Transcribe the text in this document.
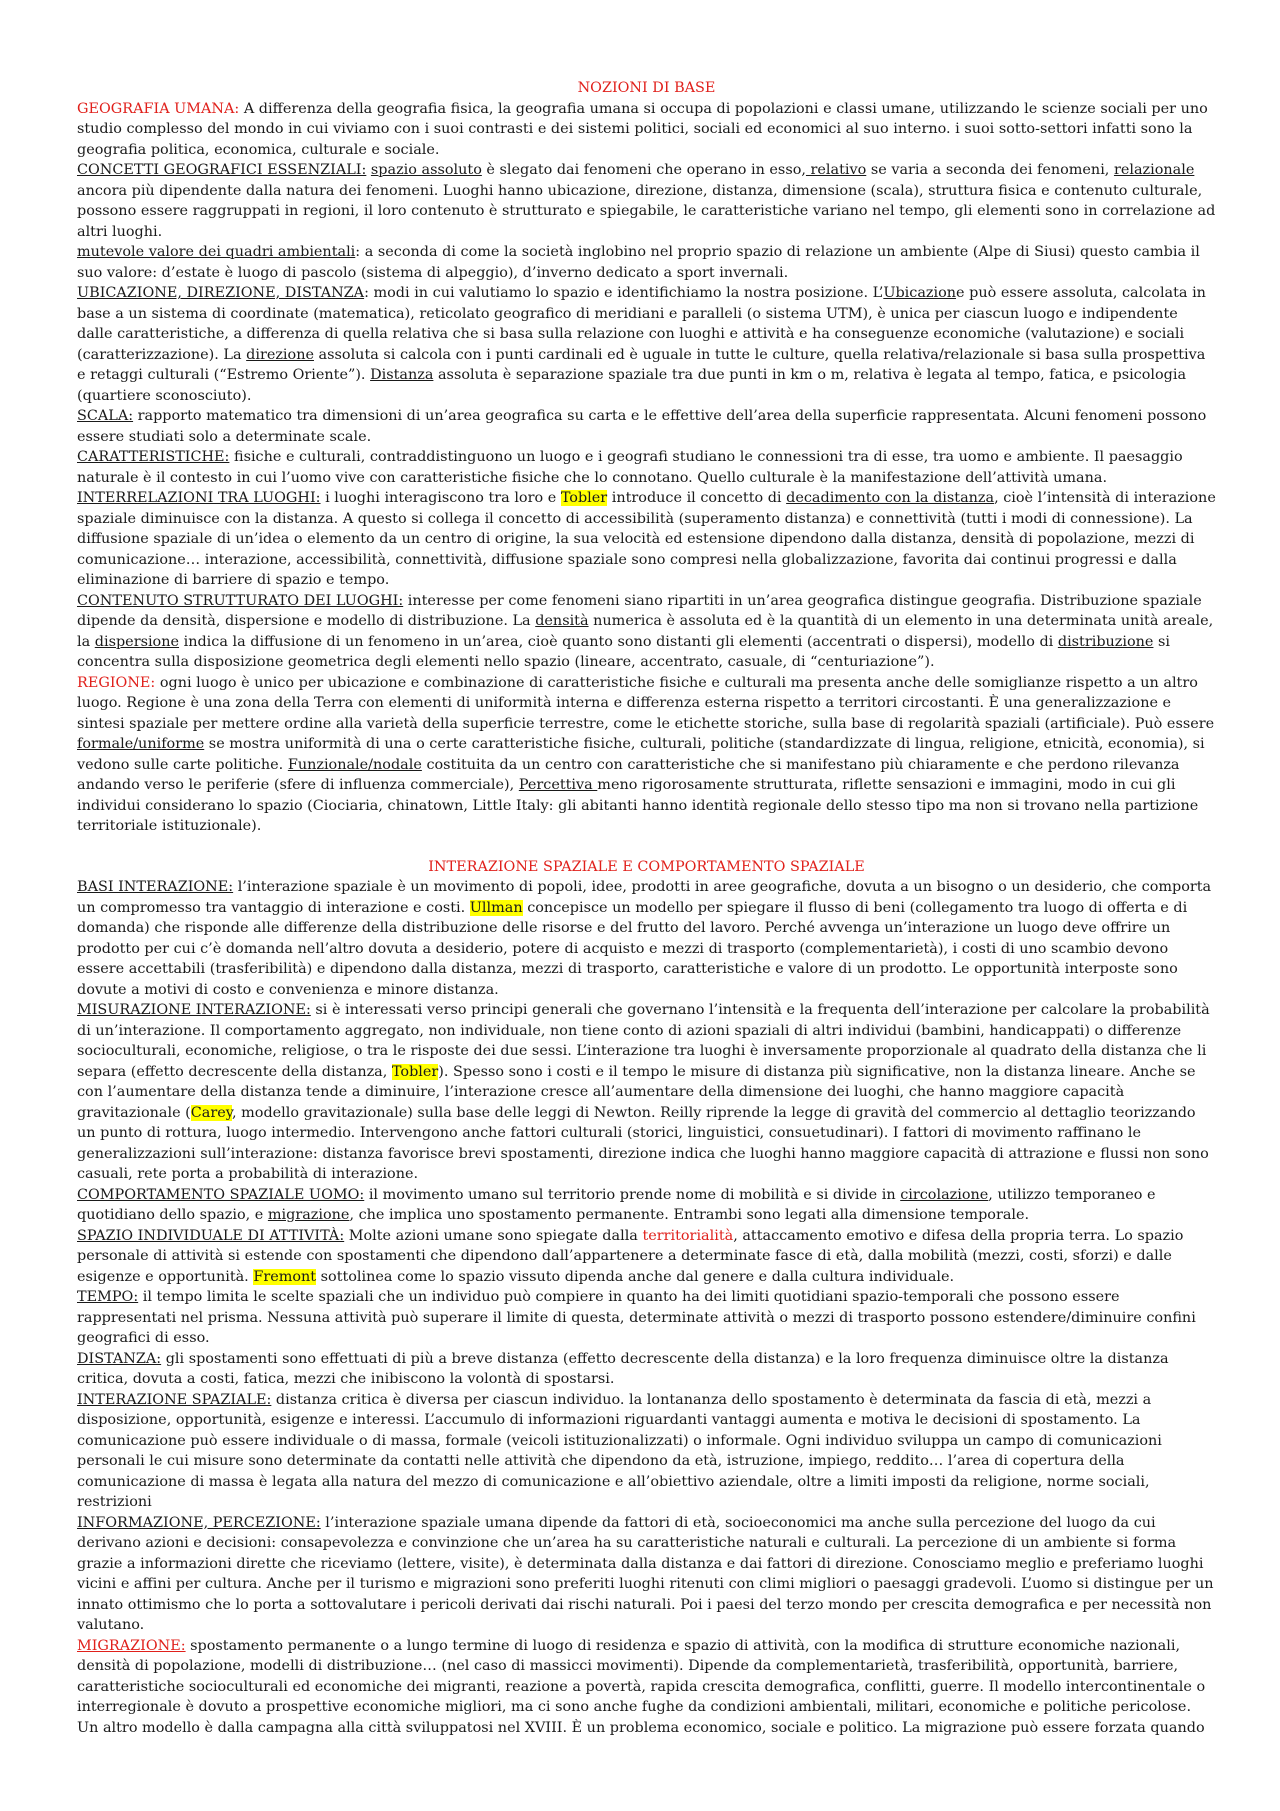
NOZIONI DI BASE

GEOGRAFIA UMANA: A differenza della geografia fisica, la geografia umana si occupa di popolazioni e classi umane, utilizzando le scienze sociali per uno studio complesso del mondo in cui viviamo con i suoi contrasti e dei sistemi politici, sociali ed economici al suo interno. i suoi sotto-settori infatti sono la geografia politica, economica, culturale e sociale.

CONCETTI GEOGRAFICI ESSENZIALI: spazio assoluto è slegato dai fenomeni che operano in esso, relativo se varia a seconda dei fenomeni, relazionale ancora più dipendente dalla natura dei fenomeni. Luoghi hanno ubicazione, direzione, distanza, dimensione (scala), struttura fisica e contenuto culturale, possono essere raggruppati in regioni, il loro contenuto è strutturato e spiegabile, le caratteristiche variano nel tempo, gli elementi sono in correlazione ad altri luoghi.

mutevole valore dei quadri ambientali: a seconda di come la società inglobino nel proprio spazio di relazione un ambiente (Alpe di Siusi) questo cambia il suo valore: d’estate è luogo di pascolo (sistema di alpeggio), d’inverno dedicato a sport invernali.

UBICAZIONE, DIREZIONE, DISTANZA: modi in cui valutiamo lo spazio e identifichiamo la nostra posizione. L’Ubicazione può essere assoluta, calcolata in base a un sistema di coordinate (matematica), reticolato geografico di meridiani e paralleli (o sistema UTM), è unica per ciascun luogo e indipendente dalle caratteristiche, a differenza di quella relativa che si basa sulla relazione con luoghi e attività e ha conseguenze economiche (valutazione) e sociali (caratterizzazione). La direzione assoluta si calcola con i punti cardinali ed è uguale in tutte le culture, quella relativa/relazionale si basa sulla prospettiva e retaggi culturali (“Estremo Oriente”). Distanza assoluta è separazione spaziale tra due punti in km o m, relativa è legata al tempo, fatica, e psicologia (quartiere sconosciuto).

SCALA: rapporto matematico tra dimensioni di un’area geografica su carta e le effettive dell’area della superficie rappresentata. Alcuni fenomeni possono essere studiati solo a determinate scale.

CARATTERISTICHE: fisiche e culturali, contraddistinguono un luogo e i geografi studiano le connessioni tra di esse, tra uomo e ambiente. Il paesaggio naturale è il contesto in cui l’uomo vive con caratteristiche fisiche che lo connotano. Quello culturale è la manifestazione dell’attività umana.

INTERRELAZIONI TRA LUOGHI: i luoghi interagiscono tra loro e Tobler introduce il concetto di decadimento con la distanza, cioè l’intensità di interazione spaziale diminuisce con la distanza. A questo si collega il concetto di accessibilità (superamento distanza) e connettività (tutti i modi di connessione). La diffusione spaziale di un’idea o elemento da un centro di origine, la sua velocità ed estensione dipendono dalla distanza, densità di popolazione, mezzi di comunicazione… interazione, accessibilità, connettività, diffusione spaziale sono compresi nella globalizzazione, favorita dai continui progressi e dalla eliminazione di barriere di spazio e tempo.

CONTENUTO STRUTTURATO DEI LUOGHI: interesse per come fenomeni siano ripartiti in un’area geografica distingue geografia. Distribuzione spaziale dipende da densità, dispersione e modello di distribuzione. La densità numerica è assoluta ed è la quantità di un elemento in una determinata unità areale, la dispersione indica la diffusione di un fenomeno in un’area, cioè quanto sono distanti gli elementi (accentrati o dispersi), modello di distribuzione si concentra sulla disposizione geometrica degli elementi nello spazio (lineare, accentrato, casuale, di “centuriazione”).

REGIONE: ogni luogo è unico per ubicazione e combinazione di caratteristiche fisiche e culturali ma presenta anche delle somiglianze rispetto a un altro luogo. Regione è una zona della Terra con elementi di uniformità interna e differenza esterna rispetto a territori circostanti. È una generalizzazione e sintesi spaziale per mettere ordine alla varietà della superficie terrestre, come le etichette storiche, sulla base di regolarità spaziali (artificiale). Può essere formale/uniforme se mostra uniformità di una o certe caratteristiche fisiche, culturali, politiche (standardizzate di lingua, religione, etnicità, economia), si vedono sulle carte politiche. Funzionale/nodale costituita da un centro con caratteristiche che si manifestano più chiaramente e che perdono rilevanza andando verso le periferie (sfere di influenza commerciale), Percettiva meno rigorosamente strutturata, riflette sensazioni e immagini, modo in cui gli individui considerano lo spazio (Ciociaria, chinatown, Little Italy: gli abitanti hanno identità regionale dello stesso tipo ma non si trovano nella partizione territoriale istituzionale).

INTERAZIONE SPAZIALE E COMPORTAMENTO SPAZIALE

BASI INTERAZIONE: l’interazione spaziale è un movimento di popoli, idee, prodotti in aree geografiche, dovuta a un bisogno o un desiderio, che comporta un compromesso tra vantaggio di interazione e costi. Ullman concepisce un modello per spiegare il flusso di beni (collegamento tra luogo di offerta e di domanda) che risponde alle differenze della distribuzione delle risorse e del frutto del lavoro. Perché avvenga un’interazione un luogo deve offrire un prodotto per cui c’è domanda nell’altro dovuta a desiderio, potere di acquisto e mezzi di trasporto (complementarietà), i costi di uno scambio devono essere accettabili (trasferibilità) e dipendono dalla distanza, mezzi di trasporto, caratteristiche e valore di un prodotto. Le opportunità interposte sono dovute a motivi di costo e convenienza e minore distanza.

MISURAZIONE INTERAZIONE: si è interessati verso principi generali che governano l’intensità e la frequenta dell’interazione per calcolare la probabilità di un’interazione. Il comportamento aggregato, non individuale, non tiene conto di azioni spaziali di altri individui (bambini, handicappati) o differenze socioculturali, economiche, religiose, o tra le risposte dei due sessi. L’interazione tra luoghi è inversamente proporzionale al quadrato della distanza che li separa (effetto decrescente della distanza, Tobler). Spesso sono i costi e il tempo le misure di distanza più significative, non la distanza lineare. Anche se con l’aumentare della distanza tende a diminuire, l’interazione cresce all’aumentare della dimensione dei luoghi, che hanno maggiore capacità gravitazionale (Carey, modello gravitazionale) sulla base delle leggi di Newton. Reilly riprende la legge di gravità del commercio al dettaglio teorizzando un punto di rottura, luogo intermedio. Intervengono anche fattori culturali (storici, linguistici, consuetudinari). I fattori di movimento raffinano le generalizzazioni sull’interazione: distanza favorisce brevi spostamenti, direzione indica che luoghi hanno maggiore capacità di attrazione e flussi non sono casuali, rete porta a probabilità di interazione.

COMPORTAMENTO SPAZIALE UOMO: il movimento umano sul territorio prende nome di mobilità e si divide in circolazione, utilizzo temporaneo e quotidiano dello spazio, e migrazione, che implica uno spostamento permanente. Entrambi sono legati alla dimensione temporale.

SPAZIO INDIVIDUALE DI ATTIVITÀ: Molte azioni umane sono spiegate dalla territorialità, attaccamento emotivo e difesa della propria terra. Lo spazio personale di attività si estende con spostamenti che dipendono dall’appartenere a determinate fasce di età, dalla mobilità (mezzi, costi, sforzi) e dalle esigenze e opportunità. Fremont sottolinea come lo spazio vissuto dipenda anche dal genere e dalla cultura individuale.

TEMPO: il tempo limita le scelte spaziali che un individuo può compiere in quanto ha dei limiti quotidiani spazio-temporali che possono essere rappresentati nel prisma. Nessuna attività può superare il limite di questa, determinate attività o mezzi di trasporto possono estendere/diminuire confini geografici di esso.

DISTANZA: gli spostamenti sono effettuati di più a breve distanza (effetto decrescente della distanza) e la loro frequenza diminuisce oltre la distanza critica, dovuta a costi, fatica, mezzi che inibiscono la volontà di spostarsi.

INTERAZIONE SPAZIALE: distanza critica è diversa per ciascun individuo. la lontananza dello spostamento è determinata da fascia di età, mezzi a disposizione, opportunità, esigenze e interessi. L’accumulo di informazioni riguardanti vantaggi aumenta e motiva le decisioni di spostamento. La comunicazione può essere individuale o di massa, formale (veicoli istituzionalizzati) o informale. Ogni individuo sviluppa un campo di comunicazioni personali le cui misure sono determinate da contatti nelle attività che dipendono da età, istruzione, impiego, reddito… l’area di copertura della comunicazione di massa è legata alla natura del mezzo di comunicazione e all’obiettivo aziendale, oltre a limiti imposti da religione, norme sociali, restrizioni

INFORMAZIONE, PERCEZIONE: l’interazione spaziale umana dipende da fattori di età, socioeconomici ma anche sulla percezione del luogo da cui derivano azioni e decisioni: consapevolezza e convinzione che un’area ha su caratteristiche naturali e culturali. La percezione di un ambiente si forma grazie a informazioni dirette che riceviamo (lettere, visite), è determinata dalla distanza e dai fattori di direzione. Conosciamo meglio e preferiamo luoghi vicini e affini per cultura. Anche per il turismo e migrazioni sono preferiti luoghi ritenuti con climi migliori o paesaggi gradevoli. L’uomo si distingue per un innato ottimismo che lo porta a sottovalutare i pericoli derivati dai rischi naturali. Poi i paesi del terzo mondo per crescita demografica e per necessità non valutano.

MIGRAZIONE: spostamento permanente o a lungo termine di luogo di residenza e spazio di attività, con la modifica di strutture economiche nazionali, densità di popolazione, modelli di distribuzione… (nel caso di massicci movimenti). Dipende da complementarietà, trasferibilità, opportunità, barriere, caratteristiche socioculturali ed economiche dei migranti, reazione a povertà, rapida crescita demografica, conflitti, guerre. Il modello intercontinentale o interregionale è dovuto a prospettive economiche migliori, ma ci sono anche fughe da condizioni ambientali, militari, economiche e politiche pericolose. Un altro modello è dalla campagna alla città sviluppatosi nel XVIII. È un problema economico, sociale e politico. La migrazione può essere forzata quando
